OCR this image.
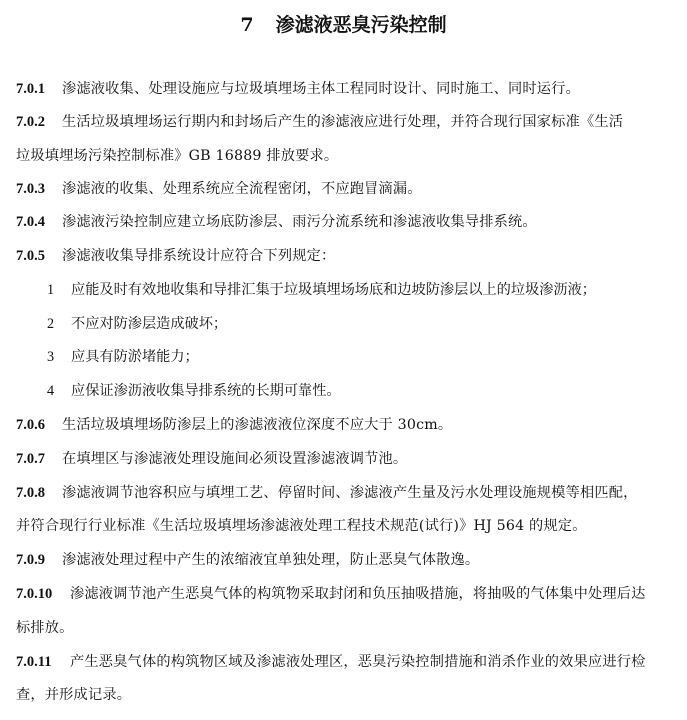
7 渗滤液恶臭污染控制
7.0.1 渗滤液收集、处理设施应与垃圾填埋场主体工程同时设计、同时施工、同时运行。
7.0.2 生活垃圾填埋场运行期内和封场后产生的渗滤液应进行处理，并符合现行国家标准《生活
垃圾填埋场污染控制标准》GB 16889 排放要求。
7.0.3 渗滤液的收集、处理系统应全流程密闭，不应跑冒滴漏。
7.0.4 渗滤液污染控制应建立场底防渗层、雨污分流系统和渗滤液收集导排系统。
7.0.5 渗滤液收集导排系统设计应符合下列规定：
1 应能及时有效地收集和导排汇集于垃圾填埋场场底和边坡防渗层以上的垃圾渗沥液；
2 不应对防渗层造成破坏；
3 应具有防淤堵能力；
4 应保证渗沥液收集导排系统的长期可靠性。
7.0.6 生活垃圾填埋场防渗层上的渗滤液液位深度不应大于 30cm。
7.0.7 在填埋区与渗滤液处理设施间必须设置渗滤液调节池。
7.0.8 渗滤液调节池容积应与填埋工艺、停留时间、渗滤液产生量及污水处理设施规模等相匹配，
并符合现行行业标准《生活垃圾填埋场渗滤液处理工程技术规范(试行)》HJ 564 的规定。
7.0.9 渗滤液处理过程中产生的浓缩液宜单独处理，防止恶臭气体散逸。
7.0.10 渗滤液调节池产生恶臭气体的构筑物采取封闭和负压抽吸措施，将抽吸的气体集中处理后达
标排放。
7.0.11 产生恶臭气体的构筑物区域及渗滤液处理区，恶臭污染控制措施和消杀作业的效果应进行检
查，并形成记录。
